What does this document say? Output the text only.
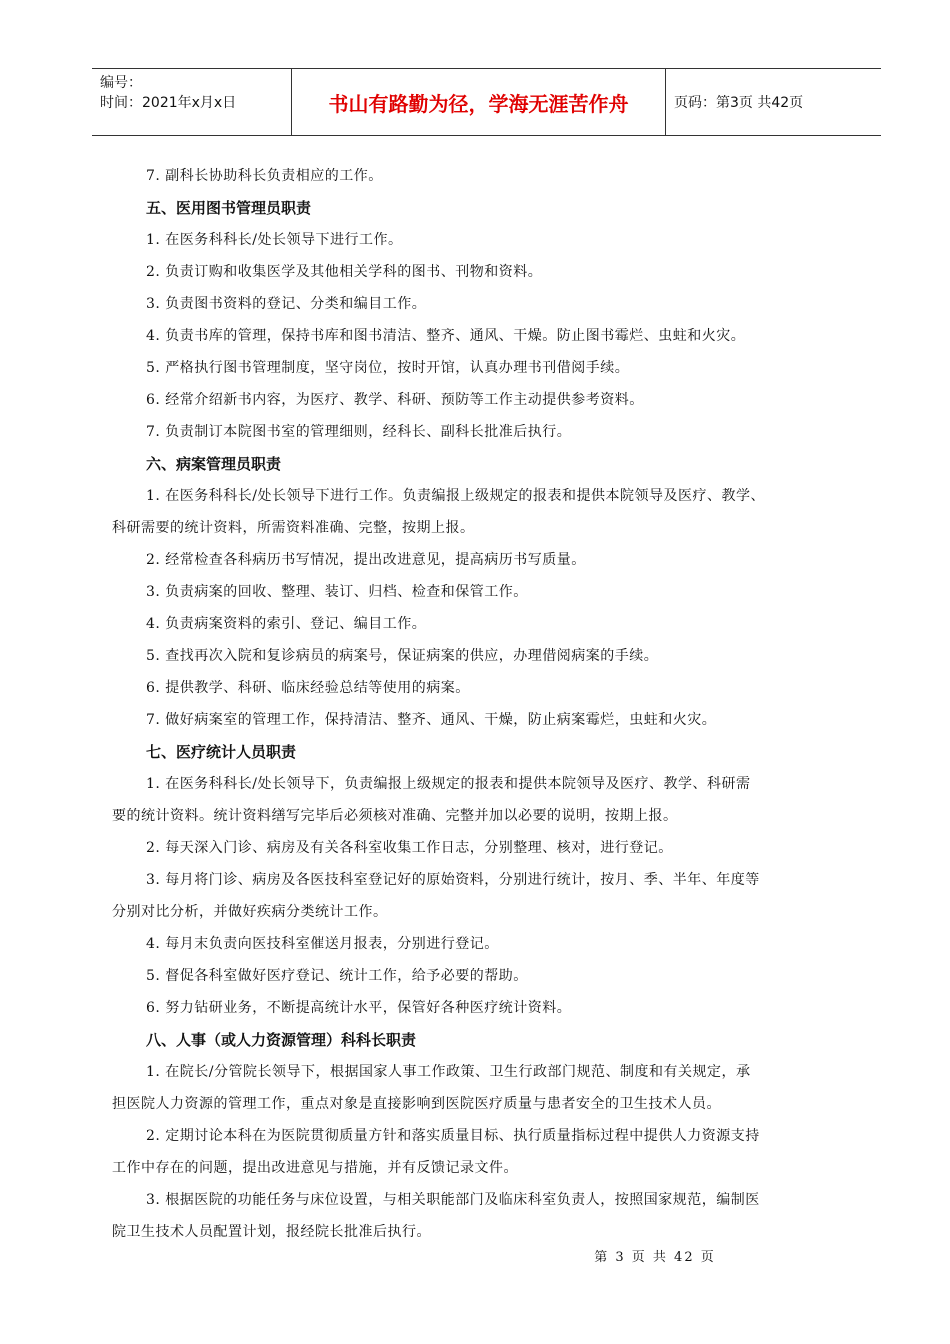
编号：
时间：2021年x月x日	书山有路勤为径，学海无涯苦作舟	页码：第3页 共42页

7. 副科长协助科长负责相应的工作。

五、医用图书管理员职责

1. 在医务科科长/处长领导下进行工作。

2. 负责订购和收集医学及其他相关学科的图书、刊物和资料。

3. 负责图书资料的登记、分类和编目工作。

4. 负责书库的管理，保持书库和图书清洁、整齐、通风、干燥。防止图书霉烂、虫蛀和火灾。

5. 严格执行图书管理制度，坚守岗位，按时开馆，认真办理书刊借阅手续。

6. 经常介绍新书内容，为医疗、教学、科研、预防等工作主动提供参考资料。

7. 负责制订本院图书室的管理细则，经科长、副科长批准后执行。

六、病案管理员职责

1. 在医务科科长/处长领导下进行工作。负责编报上级规定的报表和提供本院领导及医疗、教学、

科研需要的统计资料，所需资料准确、完整，按期上报。

2. 经常检查各科病历书写情况，提出改进意见，提高病历书写质量。

3. 负责病案的回收、整理、装订、归档、检查和保管工作。

4. 负责病案资料的索引、登记、编目工作。

5. 查找再次入院和复诊病员的病案号，保证病案的供应，办理借阅病案的手续。

6. 提供教学、科研、临床经验总结等使用的病案。

7. 做好病案室的管理工作，保持清洁、整齐、通风、干燥，防止病案霉烂，虫蛀和火灾。

七、医疗统计人员职责

1. 在医务科科长/处长领导下，负责编报上级规定的报表和提供本院领导及医疗、教学、科研需

要的统计资料。统计资料缮写完毕后必须核对准确、完整并加以必要的说明，按期上报。

2. 每天深入门诊、病房及有关各科室收集工作日志，分别整理、核对，进行登记。

3. 每月将门诊、病房及各医技科室登记好的原始资料，分别进行统计，按月、季、半年、年度等

分别对比分析，并做好疾病分类统计工作。

4. 每月末负责向医技科室催送月报表，分别进行登记。

5. 督促各科室做好医疗登记、统计工作，给予必要的帮助。

6. 努力钻研业务，不断提高统计水平，保管好各种医疗统计资料。

八、人事（或人力资源管理）科科长职责

1. 在院长/分管院长领导下，根据国家人事工作政策、卫生行政部门规范、制度和有关规定，承

担医院人力资源的管理工作，重点对象是直接影响到医院医疗质量与患者安全的卫生技术人员。

2. 定期讨论本科在为医院贯彻质量方针和落实质量目标、执行质量指标过程中提供人力资源支持

工作中存在的问题，提出改进意见与措施，并有反馈记录文件。

3. 根据医院的功能任务与床位设置，与相关职能部门及临床科室负责人，按照国家规范，编制医

院卫生技术人员配置计划，报经院长批准后执行。

第 3 页 共 42 页
